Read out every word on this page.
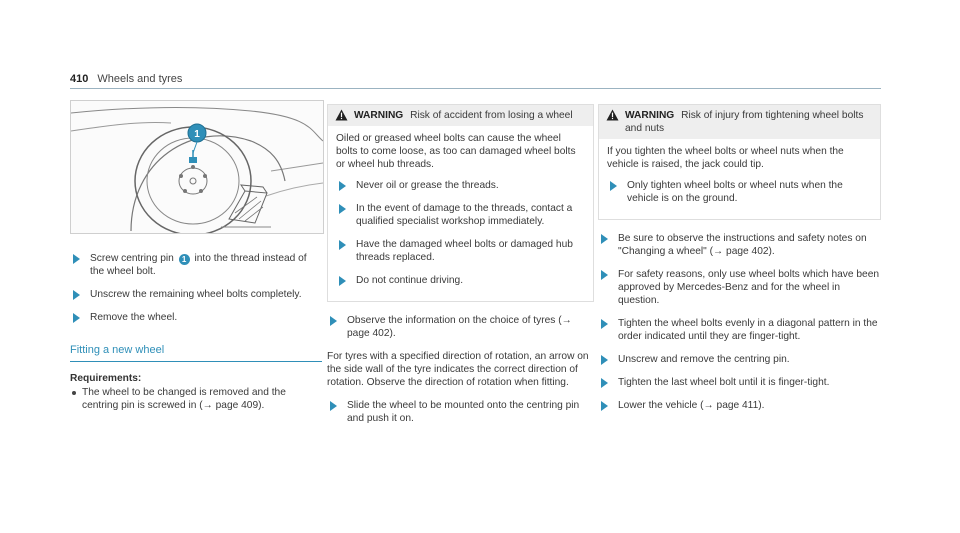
410 Wheels and tyres
1
Screw centring pin 1 into the thread instead of the wheel bolt.
Unscrew the remaining wheel bolts completely.
Remove the wheel.
Fitting a new wheel
Requirements:
The wheel to be changed is removed and the centring pin is screwed in (→ page 409).
WARNING Risk of accident from losing a wheel
Oiled or greased wheel bolts can cause the wheel bolts to come loose, as too can damaged wheel bolts or wheel hub threads.
Never oil or grease the threads.
In the event of damage to the threads, contact a qualified specialist workshop immediately.
Have the damaged wheel bolts or damaged hub threads replaced.
Do not continue driving.
Observe the information on the choice of tyres (→ page 402).
For tyres with a specified direction of rotation, an arrow on the side wall of the tyre indicates the correct direction of rotation. Observe the direction of rotation when fitting.
Slide the wheel to be mounted onto the centring pin and push it on.
WARNING Risk of injury from tightening wheel bolts and nuts
If you tighten the wheel bolts or wheel nuts when the vehicle is raised, the jack could tip.
Only tighten wheel bolts or wheel nuts when the vehicle is on the ground.
Be sure to observe the instructions and safety notes on "Changing a wheel" (→ page 402).
For safety reasons, only use wheel bolts which have been approved by Mercedes-Benz and for the wheel in question.
Tighten the wheel bolts evenly in a diagonal pattern in the order indicated until they are finger-tight.
Unscrew and remove the centring pin.
Tighten the last wheel bolt until it is finger-tight.
Lower the vehicle (→ page 411).
